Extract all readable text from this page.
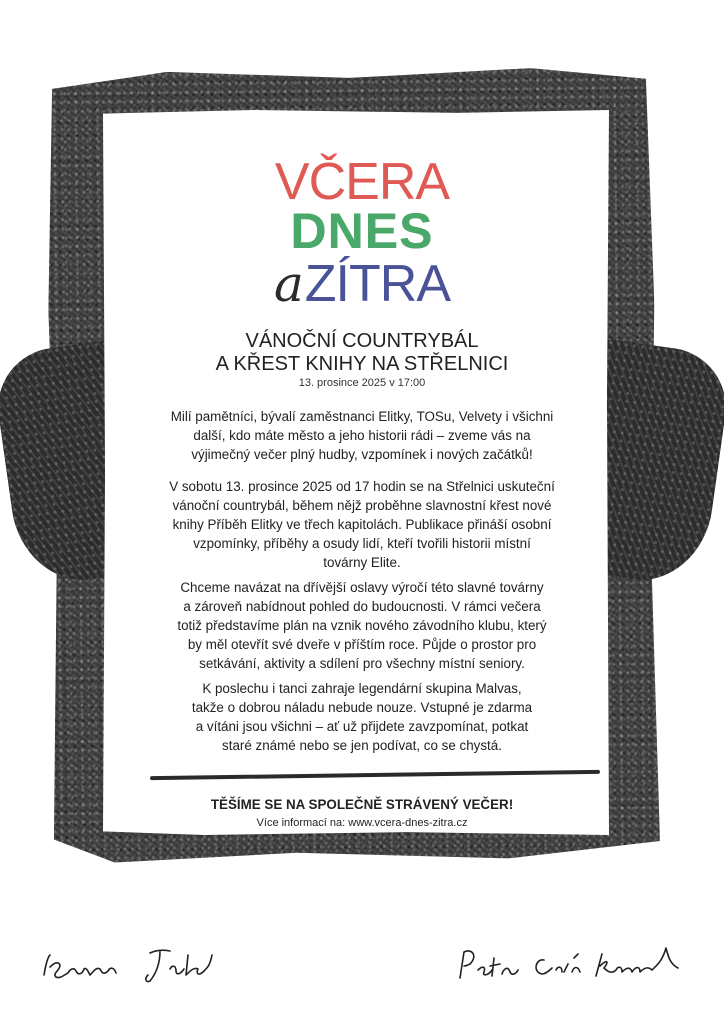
VČERA
DNES
aZÍTRA
VÁNOČNÍ COUNTRYBÁL
A KŘEST KNIHY NA STŘELNICI
13. prosince 2025 v 17:00
Milí pamětníci, bývalí zaměstnanci Elitky, TOSu, Velvety i všichni
další, kdo máte město a jeho historii rádi – zveme vás na
výjimečný večer plný hudby, vzpomínek i nových začátků!
V sobotu 13. prosince 2025 od 17 hodin se na Střelnici uskuteční
vánoční countrybál, během nějž proběhne slavnostní křest nové
knihy Příběh Elitky ve třech kapitolách. Publikace přináší osobní
vzpomínky, příběhy a osudy lidí, kteří tvořili historii místní
továrny Elite.
Chceme navázat na dřívější oslavy výročí této slavné továrny
a zároveň nabídnout pohled do budoucnosti. V rámci večera
totiž představíme plán na vznik nového závodního klubu, který
by měl otevřít své dveře v příštím roce. Půjde o prostor pro
setkávání, aktivity a sdílení pro všechny místní seniory.
K poslechu i tanci zahraje legendární skupina Malvas,
takže o dobrou náladu nebude nouze. Vstupné je zdarma
a vítáni jsou všichni – ať už přijdete zavzpomínat, potkat
staré známé nebo se jen podívat, co se chystá.
TĚŠÍME SE NA SPOLEČNĚ STRÁVENÝ VEČER!
Více informací na: www.vcera-dnes-zitra.cz
